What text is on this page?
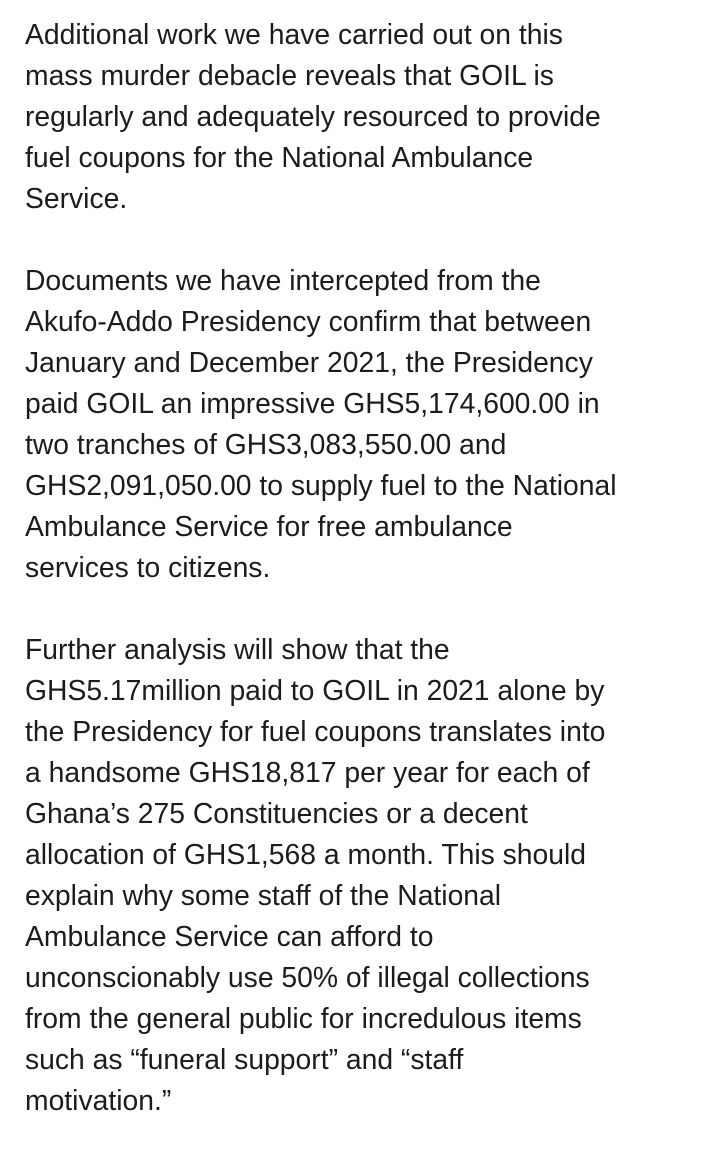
Additional work we have carried out on this
mass murder debacle reveals that GOIL is
regularly and adequately resourced to provide
fuel coupons for the National Ambulance
Service.

Documents we have intercepted from the
Akufo-Addo Presidency confirm that between
January and December 2021, the Presidency
paid GOIL an impressive GHS5,174,600.00 in
two tranches of GHS3,083,550.00 and
GHS2,091,050.00 to supply fuel to the National
Ambulance Service for free ambulance
services to citizens.

Further analysis will show that the
GHS5.17million paid to GOIL in 2021 alone by
the Presidency for fuel coupons translates into
a handsome GHS18,817 per year for each of
Ghana’s 275 Constituencies or a decent
allocation of GHS1,568 a month. This should
explain why some staff of the National
Ambulance Service can afford to
unconscionably use 50% of illegal collections
from the general public for incredulous items
such as “funeral support” and “staff
motivation.”
